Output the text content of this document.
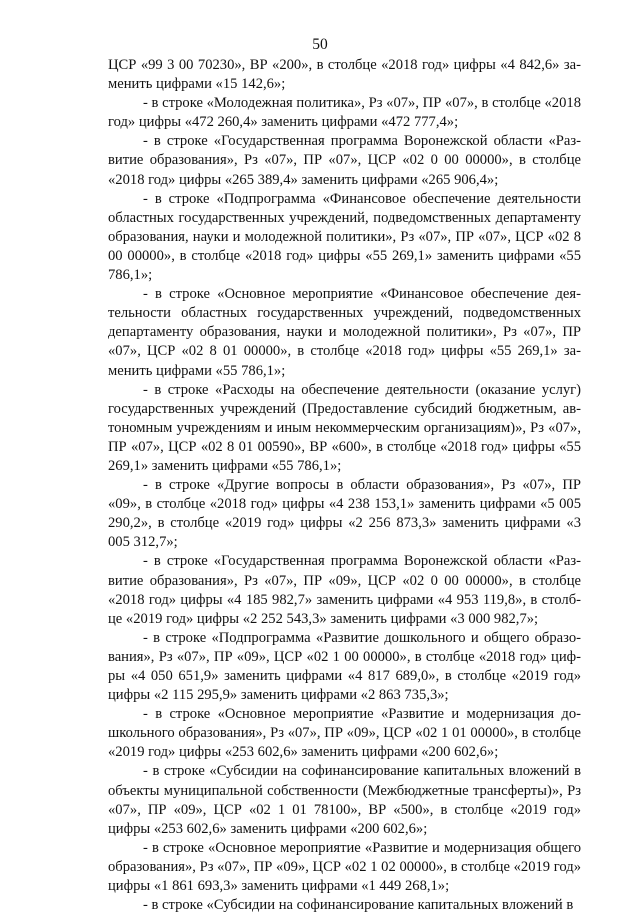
50

ЦСР «99 3 00 70230», ВР «200», в столбце «2018 год» цифры «4 842,6» заменить цифрами «15 142,6»;

- в строке «Молодежная политика», Рз «07», ПР «07», в столбце «2018 год» цифры «472 260,4» заменить цифрами «472 777,4»;

- в строке «Государственная программа Воронежской области «Развитие образования», Рз «07», ПР «07», ЦСР «02 0 00 00000», в столбце «2018 год» цифры «265 389,4» заменить цифрами «265 906,4»;

- в строке «Подпрограмма «Финансовое обеспечение деятельности областных государственных учреждений, подведомственных департаменту образования, науки и молодежной политики», Рз «07», ПР «07», ЦСР «02 8 00 00000», в столбце «2018 год» цифры «55 269,1» заменить цифрами «55 786,1»;

- в строке «Основное мероприятие «Финансовое обеспечение деятельности областных государственных учреждений, подведомственных департаменту образования, науки и молодежной политики», Рз «07», ПР «07», ЦСР «02 8 01 00000», в столбце «2018 год» цифры «55 269,1» заменить цифрами «55 786,1»;

- в строке «Расходы на обеспечение деятельности (оказание услуг) государственных учреждений (Предоставление субсидий бюджетным, автономным учреждениям и иным некоммерческим организациям)», Рз «07», ПР «07», ЦСР «02 8 01 00590», ВР «600», в столбце «2018 год» цифры «55 269,1» заменить цифрами «55 786,1»;

- в строке «Другие вопросы в области образования», Рз «07», ПР «09», в столбце «2018 год» цифры «4 238 153,1» заменить цифрами «5 005 290,2», в столбце «2019 год» цифры «2 256 873,3» заменить цифрами «3 005 312,7»;

- в строке «Государственная программа Воронежской области «Развитие образования», Рз «07», ПР «09», ЦСР «02 0 00 00000», в столбце «2018 год» цифры «4 185 982,7» заменить цифрами «4 953 119,8», в столбце «2019 год» цифры «2 252 543,3» заменить цифрами «3 000 982,7»;

- в строке «Подпрограмма «Развитие дошкольного и общего образования», Рз «07», ПР «09», ЦСР «02 1 00 00000», в столбце «2018 год» цифры «4 050 651,9» заменить цифрами «4 817 689,0», в столбце «2019 год» цифры «2 115 295,9» заменить цифрами «2 863 735,3»;

- в строке «Основное мероприятие «Развитие и модернизация дошкольного образования», Рз «07», ПР «09», ЦСР «02 1 01 00000», в столбце «2019 год» цифры «253 602,6» заменить цифрами «200 602,6»;

- в строке «Субсидии на софинансирование капитальных вложений в объекты муниципальной собственности (Межбюджетные трансферты)», Рз «07», ПР «09», ЦСР «02 1 01 78100», ВР «500», в столбце «2019 год» цифры «253 602,6» заменить цифрами «200 602,6»;

- в строке «Основное мероприятие «Развитие и модернизация общего образования», Рз «07», ПР «09», ЦСР «02 1 02 00000», в столбце «2019 год» цифры «1 861 693,3» заменить цифрами «1 449 268,1»;

- в строке «Субсидии на софинансирование капитальных вложений в
